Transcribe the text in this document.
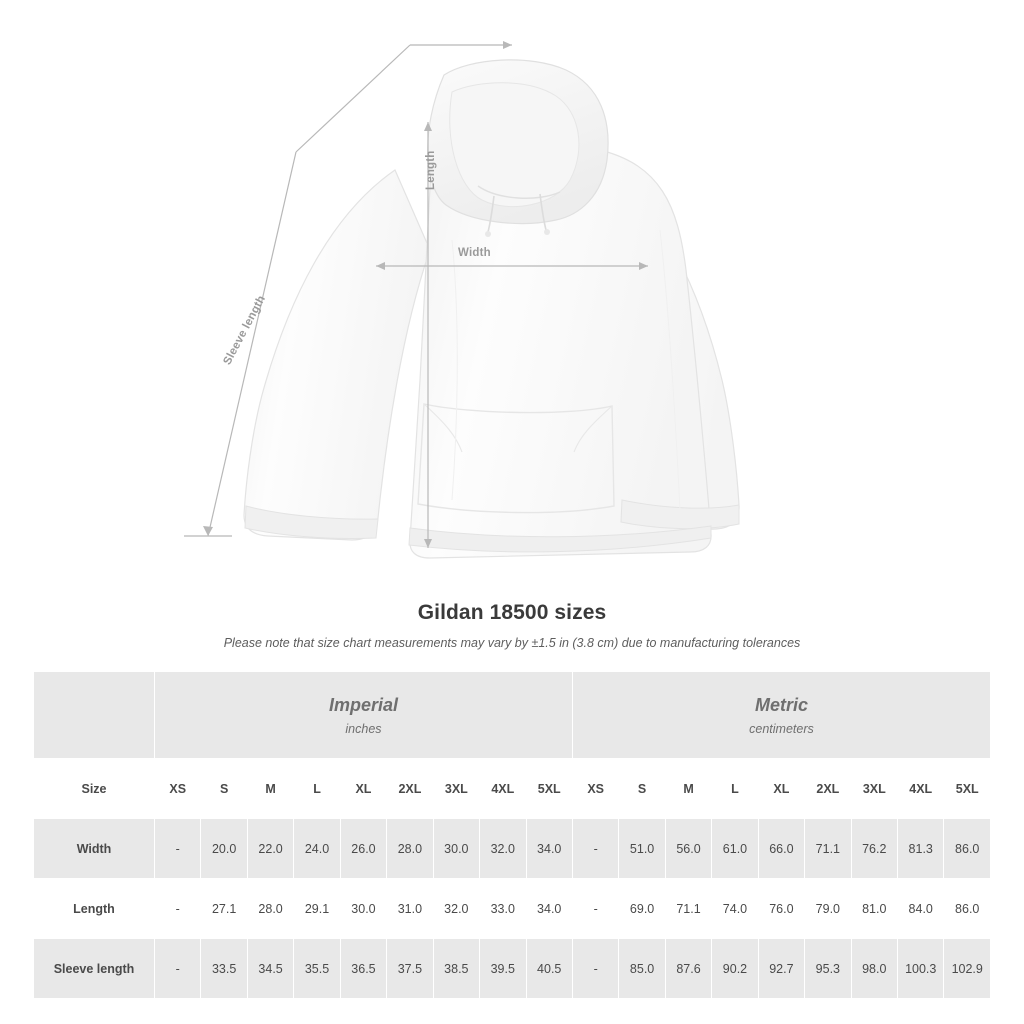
Width
Length
Sleeve length
Gildan 18500 sizes
Please note that size chart measurements may vary by ±1.5 in (3.8 cm) due to manufacturing tolerances

	Imperial
inches									Metric
centimeters								

Size	XS	S	M	L	XL	2XL	3XL	4XL	5XL	XS	S	M	L	XL	2XL	3XL	4XL	5XL
Width	-	20.0	22.0	24.0	26.0	28.0	30.0	32.0	34.0	-	51.0	56.0	61.0	66.0	71.1	76.2	81.3	86.0
Length	-	27.1	28.0	29.1	30.0	31.0	32.0	33.0	34.0	-	69.0	71.1	74.0	76.0	79.0	81.0	84.0	86.0
Sleeve length	-	33.5	34.5	35.5	36.5	37.5	38.5	39.5	40.5	-	85.0	87.6	90.2	92.7	95.3	98.0	100.3	102.9
